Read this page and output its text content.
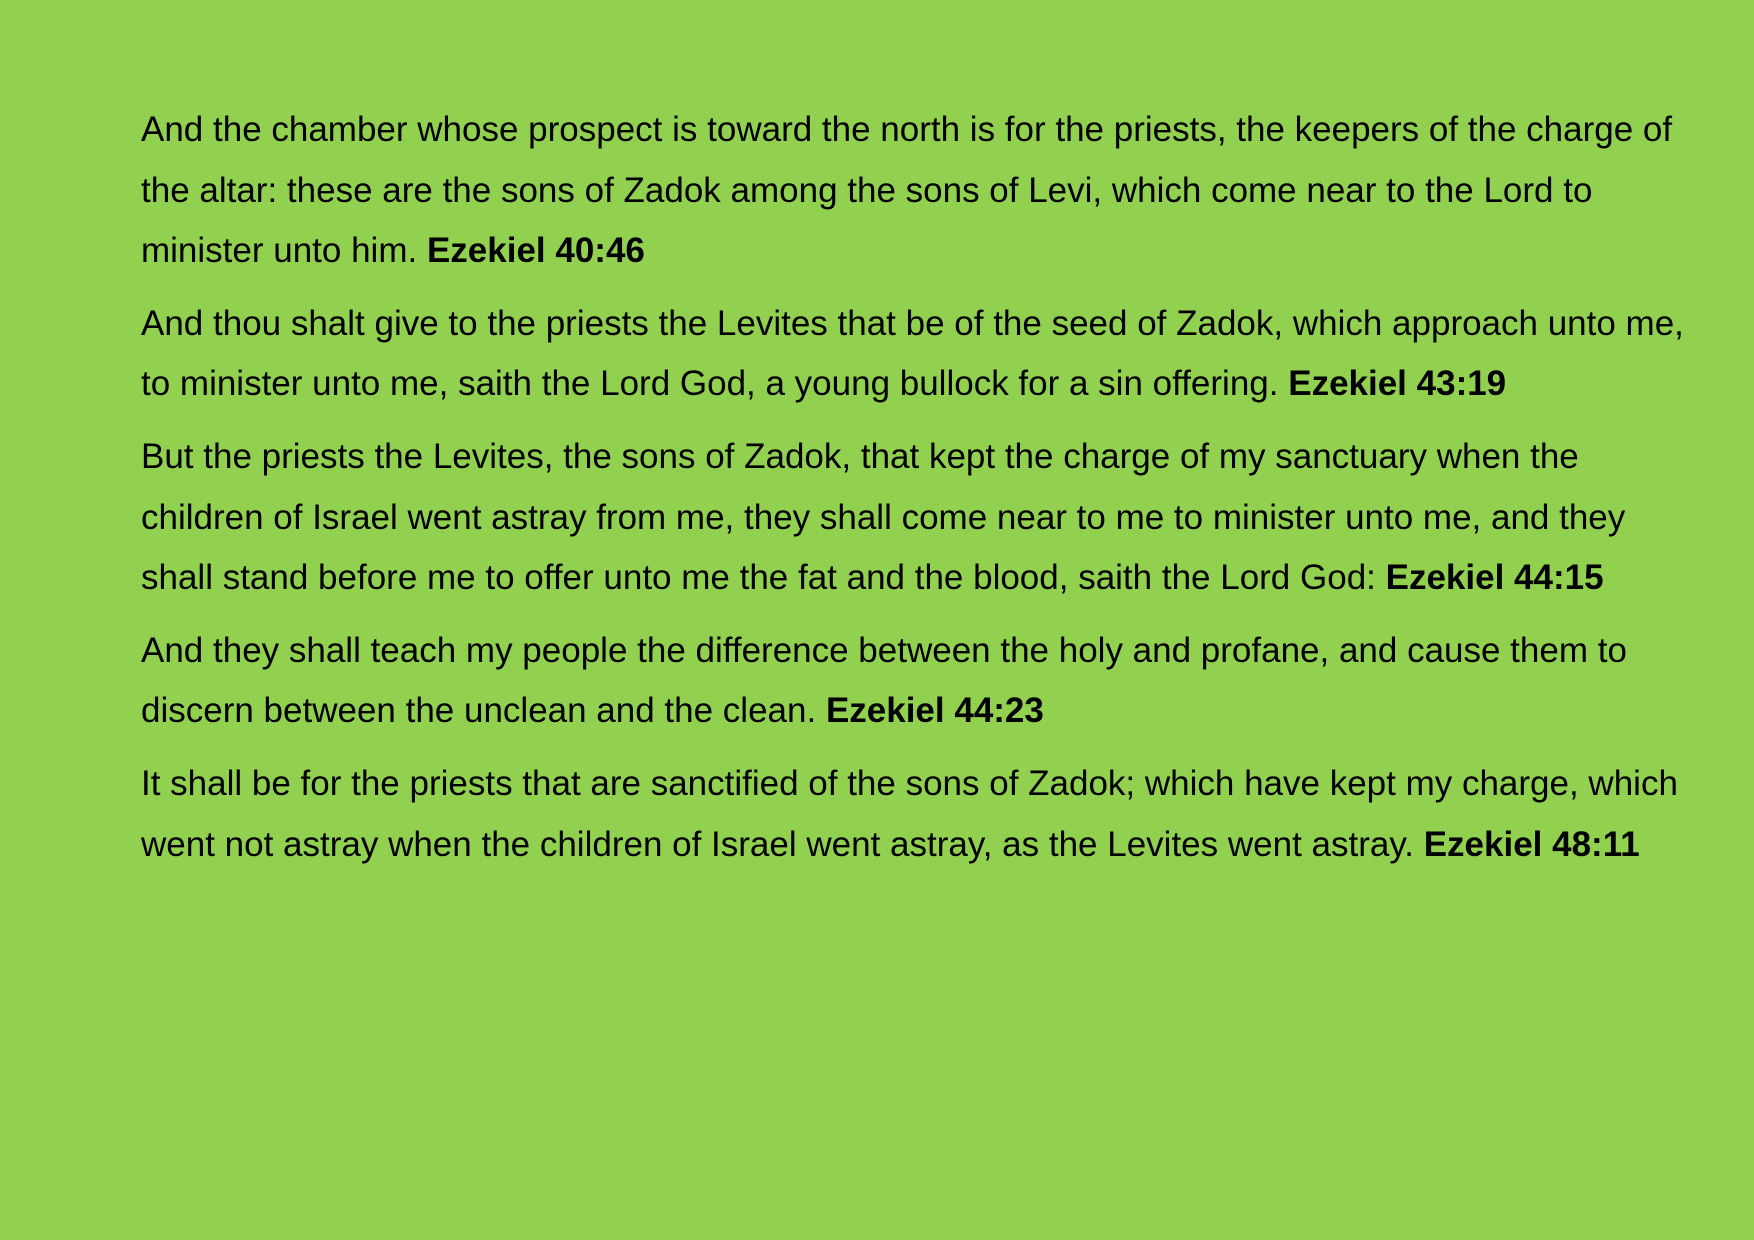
And the chamber whose prospect is toward the north is for the priests, the keepers of the charge of the altar: these are the sons of Zadok among the sons of Levi, which come near to the Lord to minister unto him. Ezekiel 40:46

And thou shalt give to the priests the Levites that be of the seed of Zadok, which approach unto me, to minister unto me, saith the Lord God, a young bullock for a sin offering. Ezekiel 43:19

But the priests the Levites, the sons of Zadok, that kept the charge of my sanctuary when the children of Israel went astray from me, they shall come near to me to minister unto me, and they shall stand before me to offer unto me the fat and the blood, saith the Lord God: Ezekiel 44:15

And they shall teach my people the difference between the holy and profane, and cause them to discern between the unclean and the clean. Ezekiel 44:23

It shall be for the priests that are sanctified of the sons of Zadok; which have kept my charge, which went not astray when the children of Israel went astray, as the Levites went astray. Ezekiel 48:11
